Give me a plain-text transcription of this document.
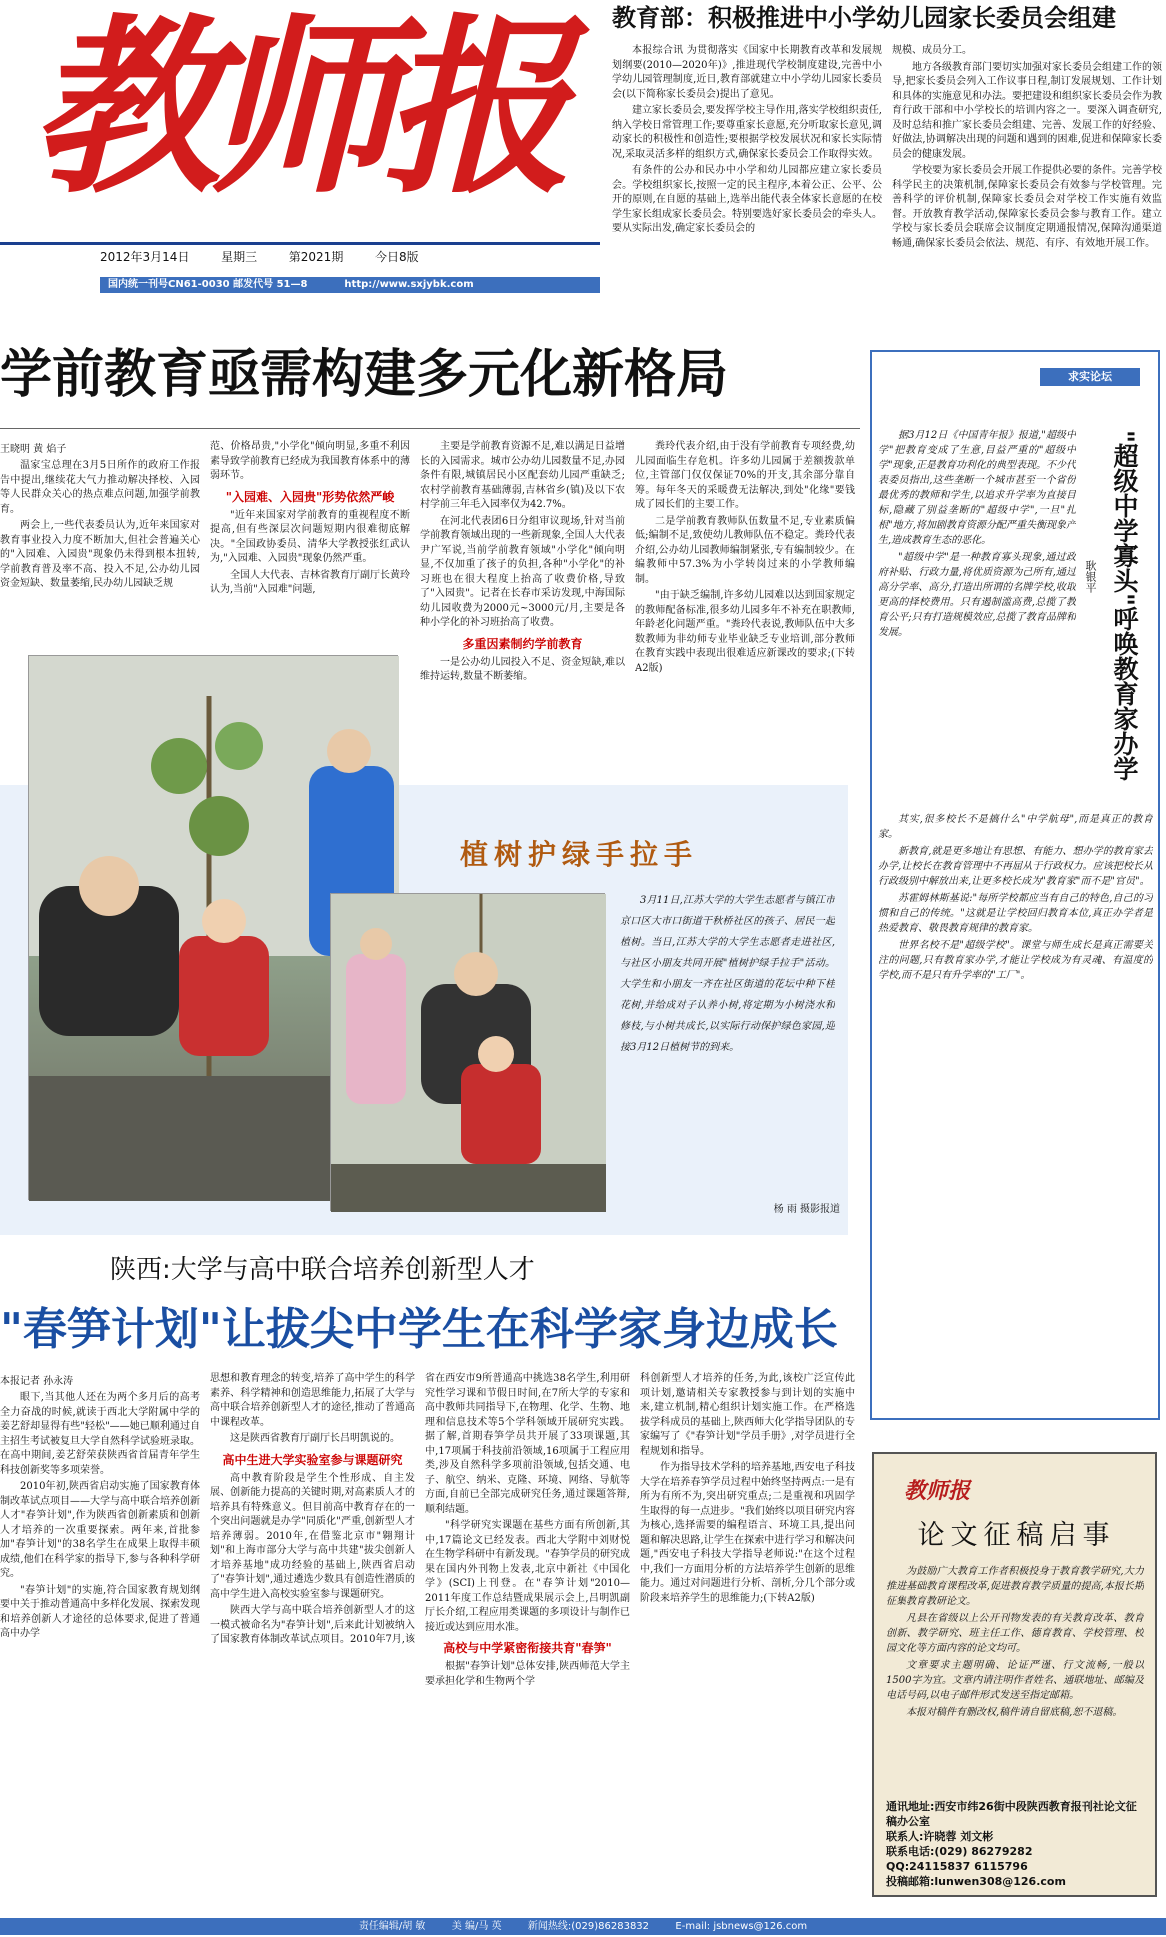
教师报
2012年3月14日	星期三	第2021期	今日8版
国内统一刊号CN61-0030 邮发代号 51—8	http://www.sxjybk.com
教育部：积极推进中小学幼儿园家长委员会组建

本报综合讯 为贯彻落实《国家中长期教育改革和发展规划纲要(2010—2020年)》,推进现代学校制度建设,完善中小学幼儿园管理制度,近日,教育部就建立中小学幼儿园家长委员会(以下简称家长委员会)提出了意见。

建立家长委员会,要发挥学校主导作用,落实学校组织责任,纳入学校日常管理工作;要尊重家长意愿,充分听取家长意见,调动家长的积极性和创造性;要根据学校发展状况和家长实际情况,采取灵活多样的组织方式,确保家长委员会工作取得实效。

有条件的公办和民办中小学和幼儿园都应建立家长委员会。学校组织家长,按照一定的民主程序,本着公正、公平、公开的原则,在自愿的基础上,选举出能代表全体家长意愿的在校学生家长组成家长委员会。特别要选好家长委员会的牵头人。要从实际出发,确定家长委员会的

规模、成员分工。

地方各级教育部门要切实加强对家长委员会组建工作的领导,把家长委员会列入工作议事日程,制订发展规划、工作计划和具体的实施意见和办法。要把建设和组织家长委员会作为教育行政干部和中小学校长的培训内容之一。要深入调查研究,及时总结和推广家长委员会组建、完善、发展工作的好经验、好做法,协调解决出现的问题和遇到的困难,促进和保障家长委员会的健康发展。

学校要为家长委员会开展工作提供必要的条件。完善学校科学民主的决策机制,保障家长委员会有效参与学校管理。完善科学的评价机制,保障家长委员会对学校工作实施有效监督。开放教育教学活动,保障家长委员会参与教育工作。建立学校与家长委员会联席会议制度定期通报情况,保障沟通渠道畅通,确保家长委员会依法、规范、有序、有效地开展工作。

学前教育亟需构建多元化新格局
王晓明 黄 焰子

温家宝总理在3月5日所作的政府工作报告中提出,继续花大气力推动解决择校、入园等人民群众关心的热点难点问题,加强学前教育。

两会上,一些代表委员认为,近年来国家对教育事业投入力度不断加大,但社会普遍关心的"入园难、入园贵"现象仍未得到根本扭转,学前教育普及率不高、投入不足,公办幼儿园资金短缺、数量萎缩,民办幼儿园缺乏规

范、价格昂贵,"小学化"倾向明显,多重不利因素导致学前教育已经成为我国教育体系中的薄弱环节。

"入园难、入园贵"形势依然严峻

"近年来国家对学前教育的重视程度不断提高,但有些深层次问题短期内很难彻底解决。"全国政协委员、清华大学教授张红武认为,"入园难、入园贵"现象仍然严重。

全国人大代表、吉林省教育厅副厅长黄玲认为,当前"入园难"问题,

主要是学前教育资源不足,难以满足日益增长的入园需求。城市公办幼儿园数量不足,办园条件有限,城镇居民小区配套幼儿园严重缺乏;农村学前教育基础薄弱,吉林省乡(镇)及以下农村学前三年毛入园率仅为42.7%。

在河北代表团6日分组审议现场,针对当前学前教育领域出现的一些新现象,全国人大代表尹广军说,当前学前教育领域"小学化"倾向明显,不仅加重了孩子的负担,各种"小学化"的补习班也在很大程度上抬高了收费价格,导致了"入园贵"。记者在长春市采访发现,中海国际幼儿园收费为2000元~3000元/月,主要是各种小学化的补习班抬高了收费。

多重因素制约学前教育

一是公办幼儿园投入不足、资金短缺,难以维持运转,数量不断萎缩。

粪玲代表介绍,由于没有学前教育专项经费,幼儿园面临生存危机。许多幼儿园属于差额拨款单位,主管部门仅仅保证70%的开支,其余部分靠自筹。每年冬天的采暖费无法解决,到处"化缘"要钱成了园长们的主要工作。

二是学前教育教师队伍数量不足,专业素质偏低;编制不足,致使幼儿教师队伍不稳定。粪玲代表介绍,公办幼儿园教师编制紧张,专有编制较少。在编教师中57.3%为小学转岗过来的小学教师编制。

"由于缺乏编制,许多幼儿园难以达到国家规定的教师配备标准,很多幼儿园多年不补充在职教师,年龄老化问题严重。"粪玲代表说,教师队伍中大多数教师为非幼师专业毕业缺乏专业培训,部分教师在教育实践中表现出很难适应新课改的要求;(下转A2版)

植树护绿手拉手

3月11日,江苏大学的大学生志愿者与镇江市京口区大市口街道干秋桥社区的孩子、居民一起植树。当日,江苏大学的大学生志愿者走进社区,与社区小朋友共同开展"植树护绿手拉手"活动。大学生和小朋友一齐在社区街道的花坛中种下桂花树,并给成对子认养小树,将定期为小树浇水和修枝,与小树共成长,以实际行动保护绿色家园,迎接3月12日植树节的到来。

杨 雨 摄影报道
陕西:大学与高中联合培养创新型人才
"春笋计划"让拔尖中学生在科学家身边成长
本报记者 孙永涛

眼下,当其他人还在为两个多月后的高考全力奋战的时候,就读于西北大学附属中学的姜艺舒却显得有些"轻松"——她已顺利通过自主招生考试被复旦大学自然科学试验班录取。在高中期间,姜艺舒荣获陕西省首届青年学生科技创新奖等多项荣誉。

2010年初,陕西省启动实施了国家教育体制改革试点项目——大学与高中联合培养创新人才"春笋计划",作为陕西省创新素质和创新人才培养的一次重要探索。两年来,首批参加"春笋计划"的38名学生在成果上取得丰硕成绩,他们在科学家的指导下,参与各种科学研究。

"春笋计划"的实施,符合国家教育规划纲要中关于推动普通高中多样化发展、探索发现和培养创新人才途径的总体要求,促进了普通高中办学

思想和教育理念的转变,培养了高中学生的科学素养、科学精神和创造思维能力,拓展了大学与高中联合培养创新型人才的途径,推动了普通高中课程改革。

这是陕西省教育厅副厅长吕明凯说的。

高中生进大学实验室参与课题研究

高中教育阶段是学生个性形成、自主发展、创新能力提高的关键时期,对高素质人才的培养具有特殊意义。但目前高中教育存在的一个突出问题就是办学"同质化"严重,创新型人才培养薄弱。2010年,在借鉴北京市"翱翔计划"和上海市部分大学与高中共建"拔尖创新人才培养基地"成功经验的基础上,陕西省启动了"春笋计划",通过遴选少数具有创造性潜质的高中学生进入高校实验室参与课题研究。

陕西大学与高中联合培养创新型人才的这一模式被命名为"春笋计划",后来此计划被纳入了国家教育体制改革试点项目。2010年7月,该

省在西安市9所普通高中挑选38名学生,利用研究性学习课和节假日时间,在7所大学的专家和高中教师共同指导下,在物理、化学、生物、地理和信息技术等5个学科领域开展研究实践。据了解,首期春笋学员共开展了33项课题,其中,17项属于科技前沿领域,16项属于工程应用类,涉及自然科学多项前沿领域,包括交通、电子、航空、纳米、克隆、环境、网络、导航等方面,自前已全部完成研究任务,通过课题答辩,顺利结题。

"科学研究实课题在基些方面有所创新,其中,17篇论文已经发表。西北大学附中刘财悦在生物学科研中有新发现。"春笋学员的研究成果在国内外刊物上发表,北京中新社《中国化学》(SCI)上刊登。在"春笋计划"2010—2011年度工作总结暨成果展示会上,吕明凯副厅长介绍,工程应用类课题的多项设计与制作已接近或达到应用水准。

高校与中学紧密衔接共育"春笋"

根据"春笋计划"总体安排,陕西师范大学主要承担化学和生物两个学

科创新型人才培养的任务,为此,该校广泛宣传此项计划,邀请相关专家教授参与到计划的实施中来,建立机制,精心组织计划实施工作。在严格选拔学科成员的基础上,陕西师大化学指导团队的专家编写了《"春笋计划"学员手册》,对学员进行全程规划和指导。

作为指导技术学科的培养基地,西安电子科技大学在培养春笋学员过程中始终坚持两点:一是有所为有所不为,突出研究重点;二是重视和巩固学生取得的每一点进步。"我们始终以项目研究内容为核心,选择需要的编程语言、环境工具,提出问题和解决思路,让学生在探索中进行学习和解决问题,"西安电子科技大学指导老师说:"在这个过程中,我们一方面用分析的方法培养学生创新的思维能力。通过对问题进行分析、剖析,分几个部分或阶段来培养学生的思维能力;(下转A2版)

求实论坛
"超级中学寡头"呼唤教育家办学
耿银平

据3月12日《中国青年报》报道,"超级中学"把教育变成了生意,目益严重的"超级中学"现象,正是教育功利化的典型表现。不少代表委员指出,这些垄断一个城市甚至一个省份最优秀的教师和学生,以追求升学率为直接目标,隐藏了别益垄断的"超级中学",一旦"扎根"地方,将加剧教育资源分配严重失衡现象产生,造成教育生态的恶化。

"超级中学"是一种教育寡头现象,通过政府补贴、行政力量,将优质资源为己所有,通过高分学率、高分,打造出所谓的名牌学校,收取更高的择校费用。只有遏制滥高费,总揽了教育公平;只有打造规模效应,总揽了教育品牌和发展。

其实,很多校长不是搞什么"中学航母",而是真正的教育家。

新教育,就是更多地让有思想、有能力、想办学的教育家去办学,让校长在教育管理中不再屈从于行政权力。应该把校长从行政级别中解放出来,让更多校长成为"教育家"而不是"官员"。

苏霍姆林斯基说:"每所学校都应当有自己的特色,自己的习惯和自己的传统。"这就是让学校回归教育本位,真正办学者是热爱教育、敬畏教育规律的教育家。

世界名校不是"超级学校"。课堂与师生成长是真正需要关注的问题,只有教育家办学,才能让学校成为有灵魂、有温度的学校,而不是只有升学率的"工厂"。

教师报
论文征稿启事

为鼓励广大教育工作者积极投身于教育教学研究,大力推进基础教育课程改革,促进教育教学质量的提高,本报长期征集教育教研论文。

凡县在省级以上公开刊物发表的有关教育改革、教育创新、教学研究、班主任工作、德育教育、学校管理、校园文化等方面内容的论文均可。

文章要求主题明确、论证严谨、行文流畅,一般以1500字为宜。文章内请注明作者姓名、通联地址、邮编及电话号码,以电子邮件形式发送至指定邮箱。

本报对稿件有删改权,稿件请自留底稿,恕不退稿。

通讯地址:西安市纬26街中段陕西教育报刊社论文征稿办公室
联系人:许晓蓉 刘文彬
联系电话:(029) 86279282
QQ:24115837 6115796
投稿邮箱:lunwen308@126.com
责任编辑/胡 敏	美 编/马 英	新闻热线:(029)86283832	E-mail: jsbnews@126.com
